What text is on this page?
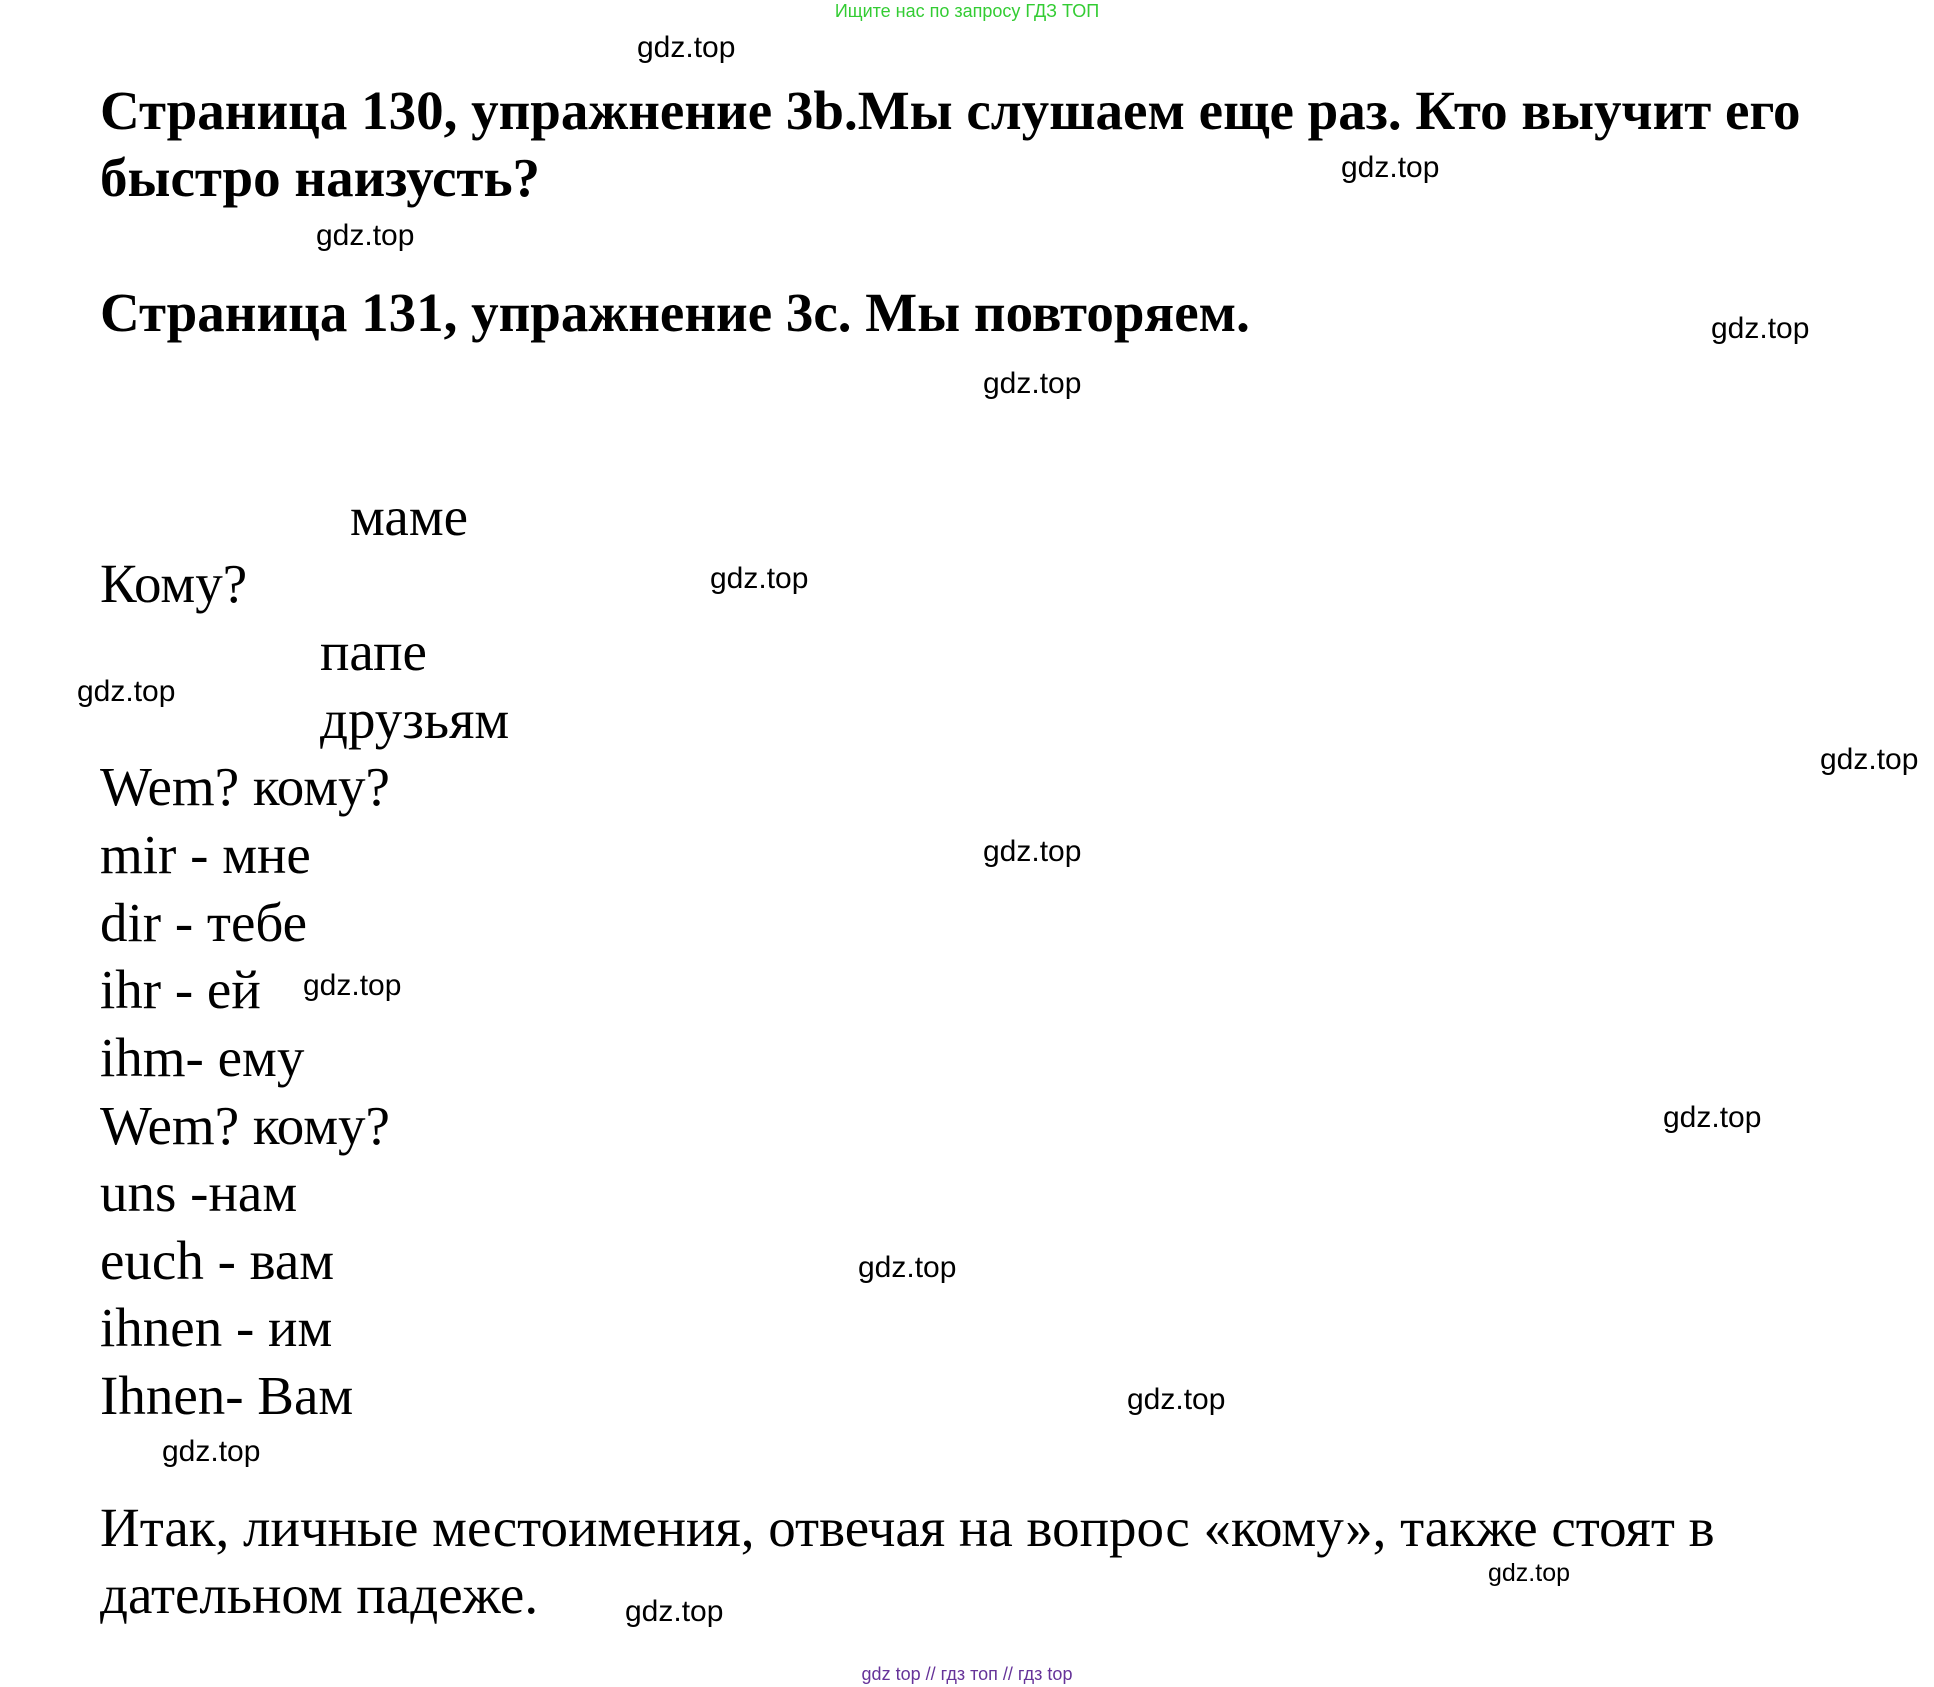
Ищите нас по запросу ГДЗ ТОП
Страница 130, упражнение 3b.Мы слушаем еще раз. Кто выучит его быстро наизусть?
Страница 131, упражнение 3c. Мы повторяем.
маме
Кому?
папе
друзьям
Wem? кому?
mir - мне
dir - тебе
ihr - ей
ihm- ему
Wem? кому?
uns -нам
euch - вам
ihnen - им
Ihnen- Вам
Итак, личные местоимения, отвечая на вопрос «кому», также стоят в дательном падеже.
gdz.top
gdz.top
gdz.top
gdz.top
gdz.top
gdz.top
gdz.top
gdz.top
gdz.top
gdz.top
gdz.top
gdz.top
gdz.top
gdz.top
gdz.top
gdz.top
gdz top // гдз топ // гдз top
